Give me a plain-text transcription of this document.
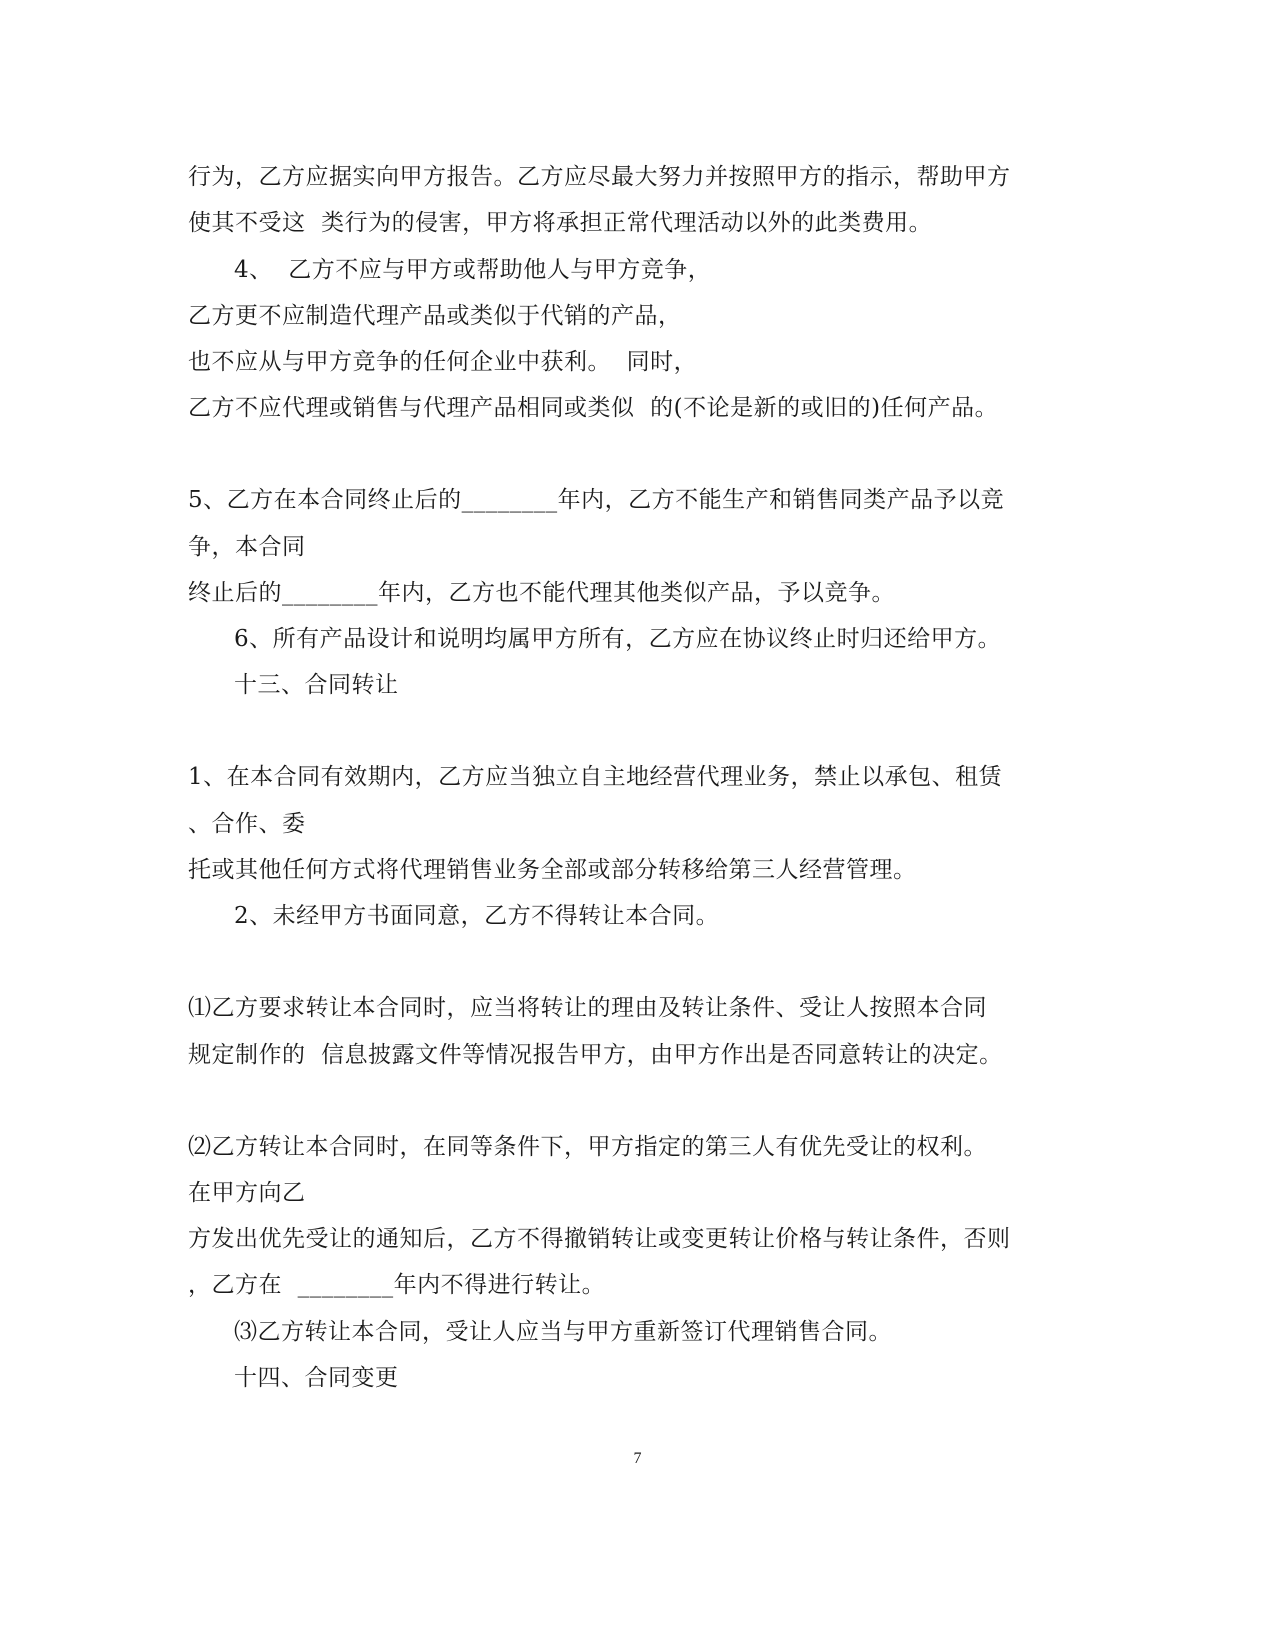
行为，乙方应据实向甲方报告。乙方应尽最大努力并按照甲方的指示，帮助甲方
使其不受这  类行为的侵害，甲方将承担正常代理活动以外的此类费用。
4、  乙方不应与甲方或帮助他人与甲方竞争，
乙方更不应制造代理产品或类似于代销的产品，
也不应从与甲方竞争的任何企业中获利。  同时，
乙方不应代理或销售与代理产品相同或类似  的(不论是新的或旧的)任何产品。
5、乙方在本合同终止后的________年内，乙方不能生产和销售同类产品予以竞
争，本合同
终止后的________年内，乙方也不能代理其他类似产品，予以竞争。
6、所有产品设计和说明均属甲方所有，乙方应在协议终止时归还给甲方。
十三、合同转让
1、在本合同有效期内，乙方应当独立自主地经营代理业务，禁止以承包、租赁
、合作、委
托或其他任何方式将代理销售业务全部或部分转移给第三人经营管理。
2、未经甲方书面同意，乙方不得转让本合同。
⑴乙方要求转让本合同时，应当将转让的理由及转让条件、受让人按照本合同
规定制作的  信息披露文件等情况报告甲方，由甲方作出是否同意转让的决定。
⑵乙方转让本合同时，在同等条件下，甲方指定的第三人有优先受让的权利。
在甲方向乙
方发出优先受让的通知后，乙方不得撤销转让或变更转让价格与转让条件，否则
，乙方在  ________年内不得进行转让。
⑶乙方转让本合同，受让人应当与甲方重新签订代理销售合同。
十四、合同变更
7
